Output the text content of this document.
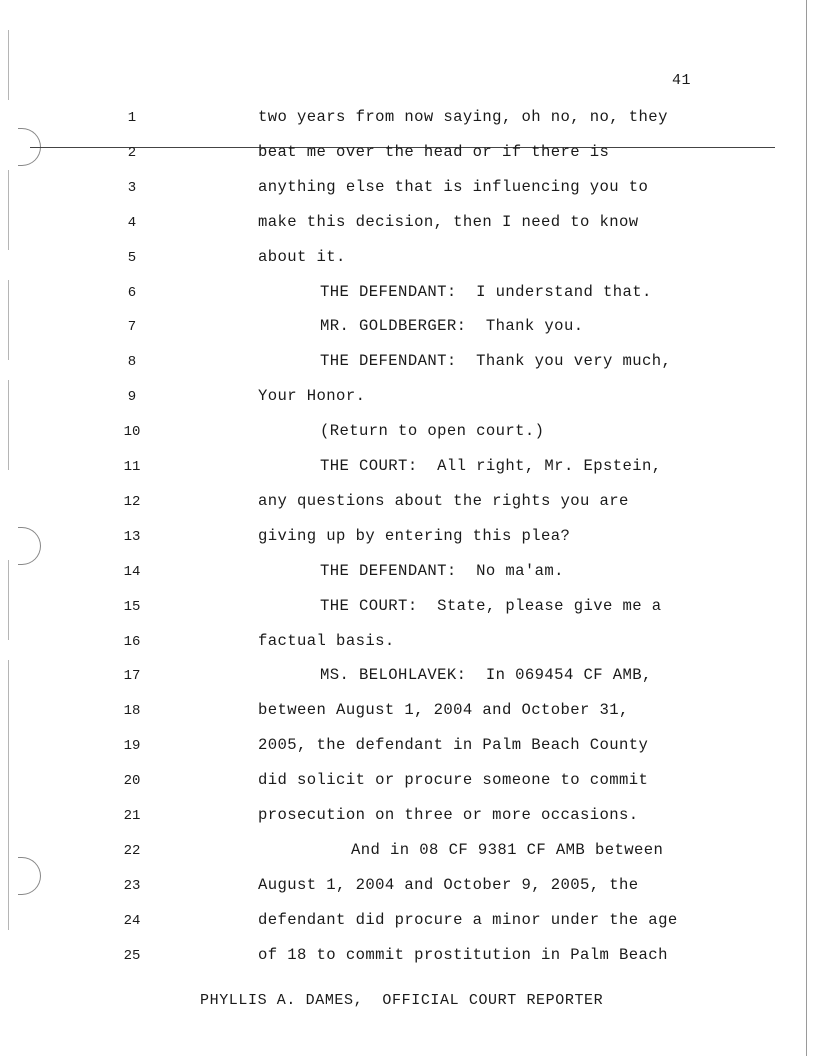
41
1	two years from now saying, oh no, no, they
2	beat me over the head or if there is
3	anything else that is influencing you to
4	make this decision, then I need to know
5	about it.
6	THE DEFENDANT:  I understand that.
7	MR. GOLDBERGER:  Thank you.
8	THE DEFENDANT:  Thank you very much,
9	Your Honor.
10	(Return to open court.)
11	THE COURT:  All right, Mr. Epstein,
12	any questions about the rights you are
13	giving up by entering this plea?
14	THE DEFENDANT:  No ma'am.
15	THE COURT:  State, please give me a
16	factual basis.
17	MS. BELOHLAVEK:  In 069454 CF AMB,
18	between August 1, 2004 and October 31,
19	2005, the defendant in Palm Beach County
20	did solicit or procure someone to commit
21	prosecution on three or more occasions.
22	And in 08 CF 9381 CF AMB between
23	August 1, 2004 and October 9, 2005, the
24	defendant did procure a minor under the age
25	of 18 to commit prostitution in Palm Beach
PHYLLIS A. DAMES,  OFFICIAL COURT REPORTER
